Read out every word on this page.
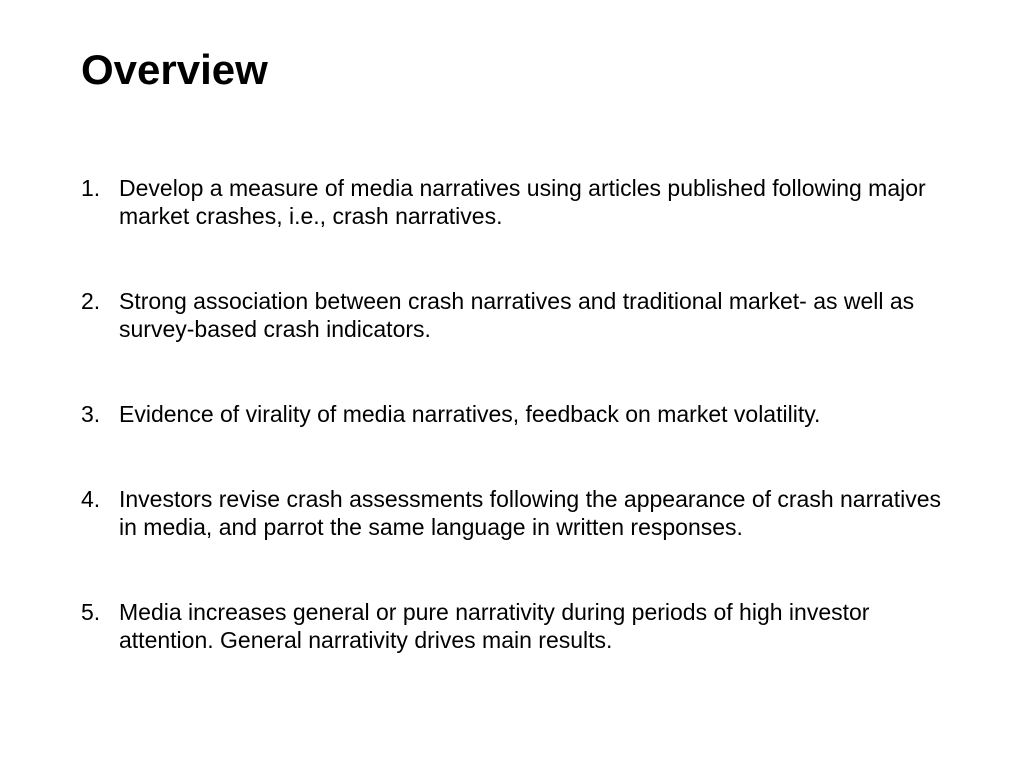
Overview
1. Develop a measure of media narratives using articles published following major market crashes, i.e., crash narratives.
2. Strong association between crash narratives and traditional market- as well as survey-based crash indicators.
3. Evidence of virality of media narratives, feedback on market volatility.
4. Investors revise crash assessments following the appearance of crash narratives in media, and parrot the same language in written responses.
5. Media increases general or pure narrativity during periods of high investor attention. General narrativity drives main results.
